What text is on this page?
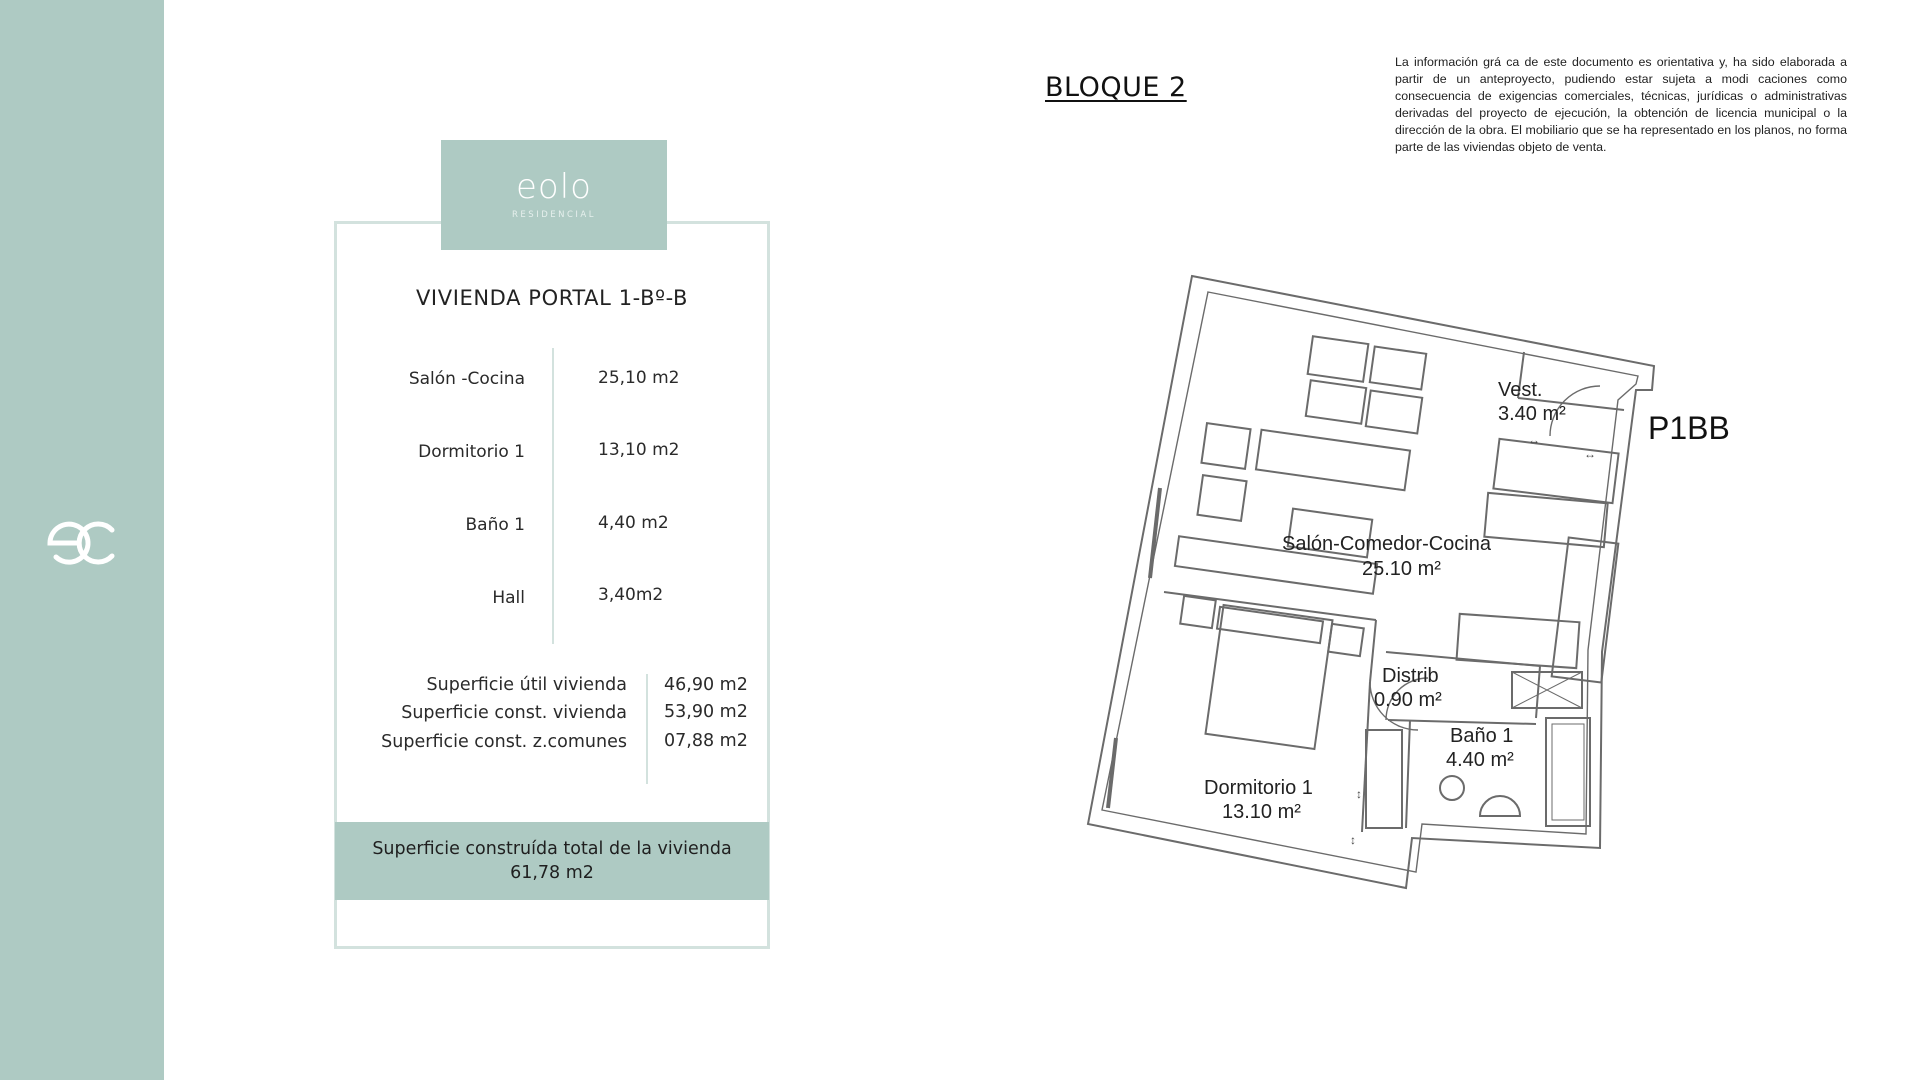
BLOQUE 2
La información grá ca de este documento es orientativa y, ha sido elaborada a partir de un anteproyecto, pudiendo estar sujeta a modi caciones como consecuencia de exigencias comerciales, técnicas, jurídicas o administrativas derivadas del proyecto de ejecución, la obtención de licencia municipal o la dirección de la obra. El mobiliario que se ha representado en los planos, no forma parte de las viviendas objeto de venta.
eolo
RESIDENCIAL
VIVIENDA PORTAL 1-Bº-B
Salón -Cocina	25,10 m2
Dormitorio 1	13,10 m2
Baño 1	4,40 m2
Hall	3,40m2
Superficie útil vivienda 46,90 m2
Superficie const. vivienda 53,90 m2
Superficie const. z.comunes 07,88 m2
Superficie construída total de la vivienda
61,78 m2
↔
↔
↕
↕
Vest.
3.40 m²
Salón-Comedor-Cocina
25.10 m²
Distrib
0.90 m²
Baño 1
4.40 m²
Dormitorio 1
13.10 m²
P1BB
